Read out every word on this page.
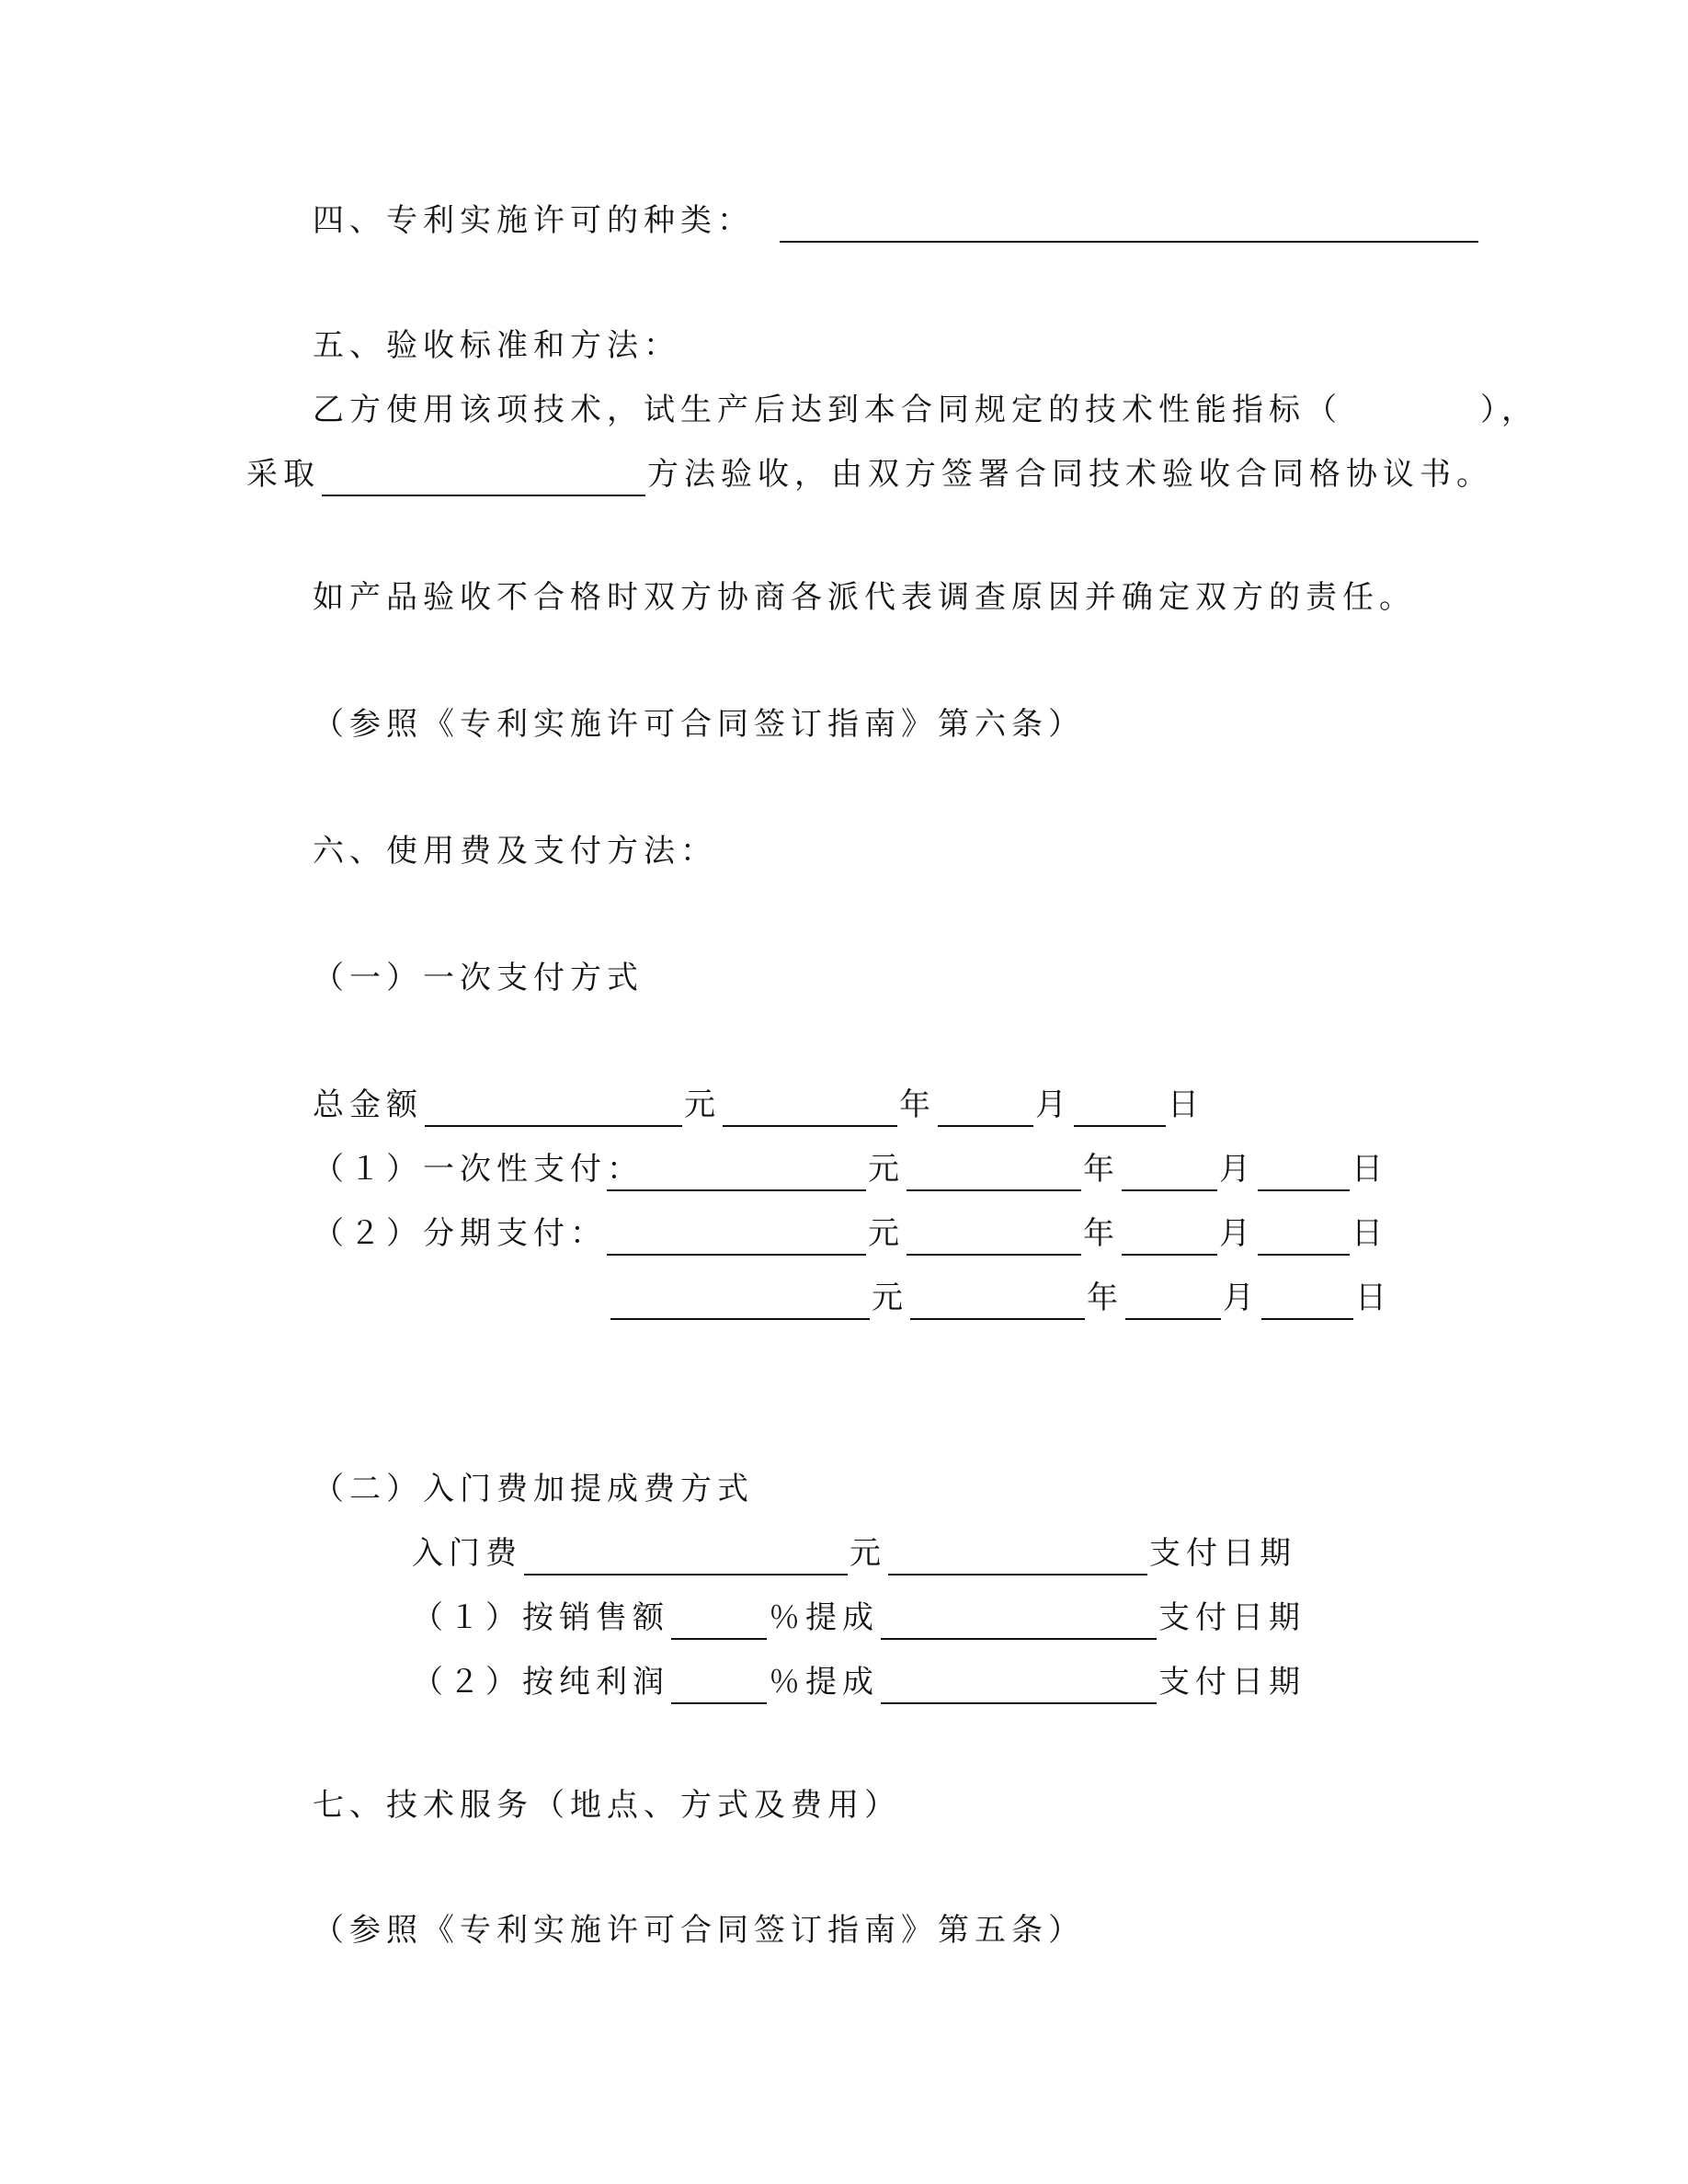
四、专利实施许可的种类：
五、验收标准和方法：
乙方使用该项技术，试生产后达到本合同规定的技术性能指标（	），
采取	方法验收，由双方签署合同技术验收合同格协议书。
如产品验收不合格时双方协商各派代表调查原因并确定双方的责任。
（参照《专利实施许可合同签订指南》第六条）
六、使用费及支付方法：
（一）一次支付方式
总金额	元	年	月	日
（１）一次性支付：	元	年	月	日
（２）分期支付：	元	年	月	日
元	年	月	日
（二）入门费加提成费方式
入门费	元	支付日期
（１）按销售额	％提成	支付日期
（２）按纯利润	％提成	支付日期
七、技术服务（地点、方式及费用）
（参照《专利实施许可合同签订指南》第五条）
